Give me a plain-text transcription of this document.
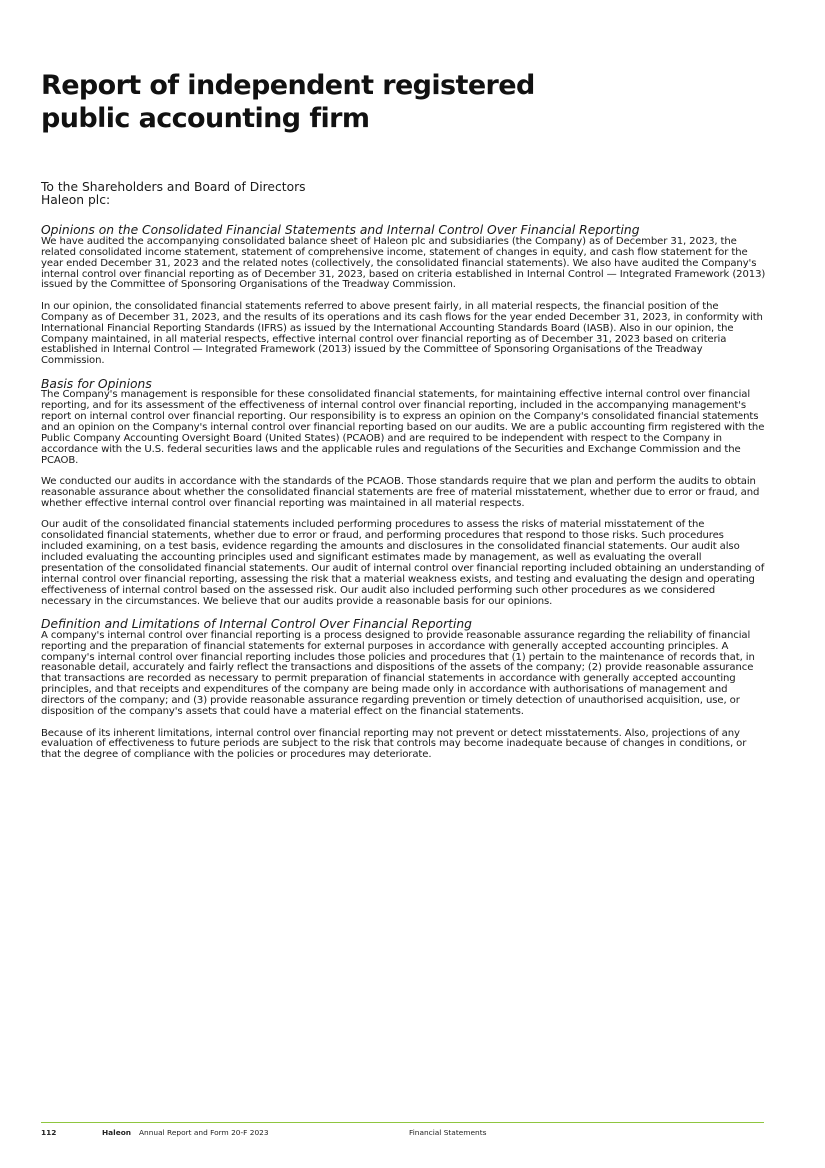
Report of independent registered
public accounting firm
To the Shareholders and Board of Directors
Haleon plc:
Opinions on the Consolidated Financial Statements and Internal Control Over Financial Reporting

We have audited the accompanying consolidated balance sheet of Haleon plc and subsidiaries (the Company) as of December 31, 2023, the related consolidated income statement, statement of comprehensive income, statement of changes in equity, and cash flow statement for the year ended December 31, 2023 and the related notes (collectively, the consolidated financial statements). We also have audited the Company's internal control over financial reporting as of December 31, 2023, based on criteria established in Internal Control — Integrated Framework (2013) issued by the Committee of Sponsoring Organisations of the Treadway Commission.

In our opinion, the consolidated financial statements referred to above present fairly, in all material respects, the financial position of the Company as of December 31, 2023, and the results of its operations and its cash flows for the year ended December 31, 2023, in conformity with International Financial Reporting Standards (IFRS) as issued by the International Accounting Standards Board (IASB). Also in our opinion, the Company maintained, in all material respects, effective internal control over financial reporting as of December 31, 2023 based on criteria established in Internal Control — Integrated Framework (2013) issued by the Committee of Sponsoring Organisations of the Treadway Commission.

Basis for Opinions

The Company's management is responsible for these consolidated financial statements, for maintaining effective internal control over financial reporting, and for its assessment of the effectiveness of internal control over financial reporting, included in the accompanying management's report on internal control over financial reporting. Our responsibility is to express an opinion on the Company's consolidated financial statements and an opinion on the Company's internal control over financial reporting based on our audits. We are a public accounting firm registered with the Public Company Accounting Oversight Board (United States) (PCAOB) and are required to be independent with respect to the Company in accordance with the U.S. federal securities laws and the applicable rules and regulations of the Securities and Exchange Commission and the PCAOB.

We conducted our audits in accordance with the standards of the PCAOB. Those standards require that we plan and perform the audits to obtain reasonable assurance about whether the consolidated financial statements are free of material misstatement, whether due to error or fraud, and whether effective internal control over financial reporting was maintained in all material respects.

Our audit of the consolidated financial statements included performing procedures to assess the risks of material misstatement of the consolidated financial statements, whether due to error or fraud, and performing procedures that respond to those risks. Such procedures included examining, on a test basis, evidence regarding the amounts and disclosures in the consolidated financial statements. Our audit also included evaluating the accounting principles used and significant estimates made by management, as well as evaluating the overall presentation of the consolidated financial statements. Our audit of internal control over financial reporting included obtaining an understanding of internal control over financial reporting, assessing the risk that a material weakness exists, and testing and evaluating the design and operating effectiveness of internal control based on the assessed risk. Our audit also included performing such other procedures as we considered necessary in the circumstances. We believe that our audits provide a reasonable basis for our opinions.

Definition and Limitations of Internal Control Over Financial Reporting

A company's internal control over financial reporting is a process designed to provide reasonable assurance regarding the reliability of financial reporting and the preparation of financial statements for external purposes in accordance with generally accepted accounting principles. A company's internal control over financial reporting includes those policies and procedures that (1) pertain to the maintenance of records that, in reasonable detail, accurately and fairly reflect the transactions and dispositions of the assets of the company; (2) provide reasonable assurance that transactions are recorded as necessary to permit preparation of financial statements in accordance with generally accepted accounting principles, and that receipts and expenditures of the company are being made only in accordance with authorisations of management and directors of the company; and (3) provide reasonable assurance regarding prevention or timely detection of unauthorised acquisition, use, or disposition of the company's assets that could have a material effect on the financial statements.

Because of its inherent limitations, internal control over financial reporting may not prevent or detect misstatements. Also, projections of any evaluation of effectiveness to future periods are subject to the risk that controls may become inadequate because of changes in conditions, or that the degree of compliance with the policies or procedures may deteriorate.

112	Haleon Annual Report and Form 20-F 2023	Financial Statements
